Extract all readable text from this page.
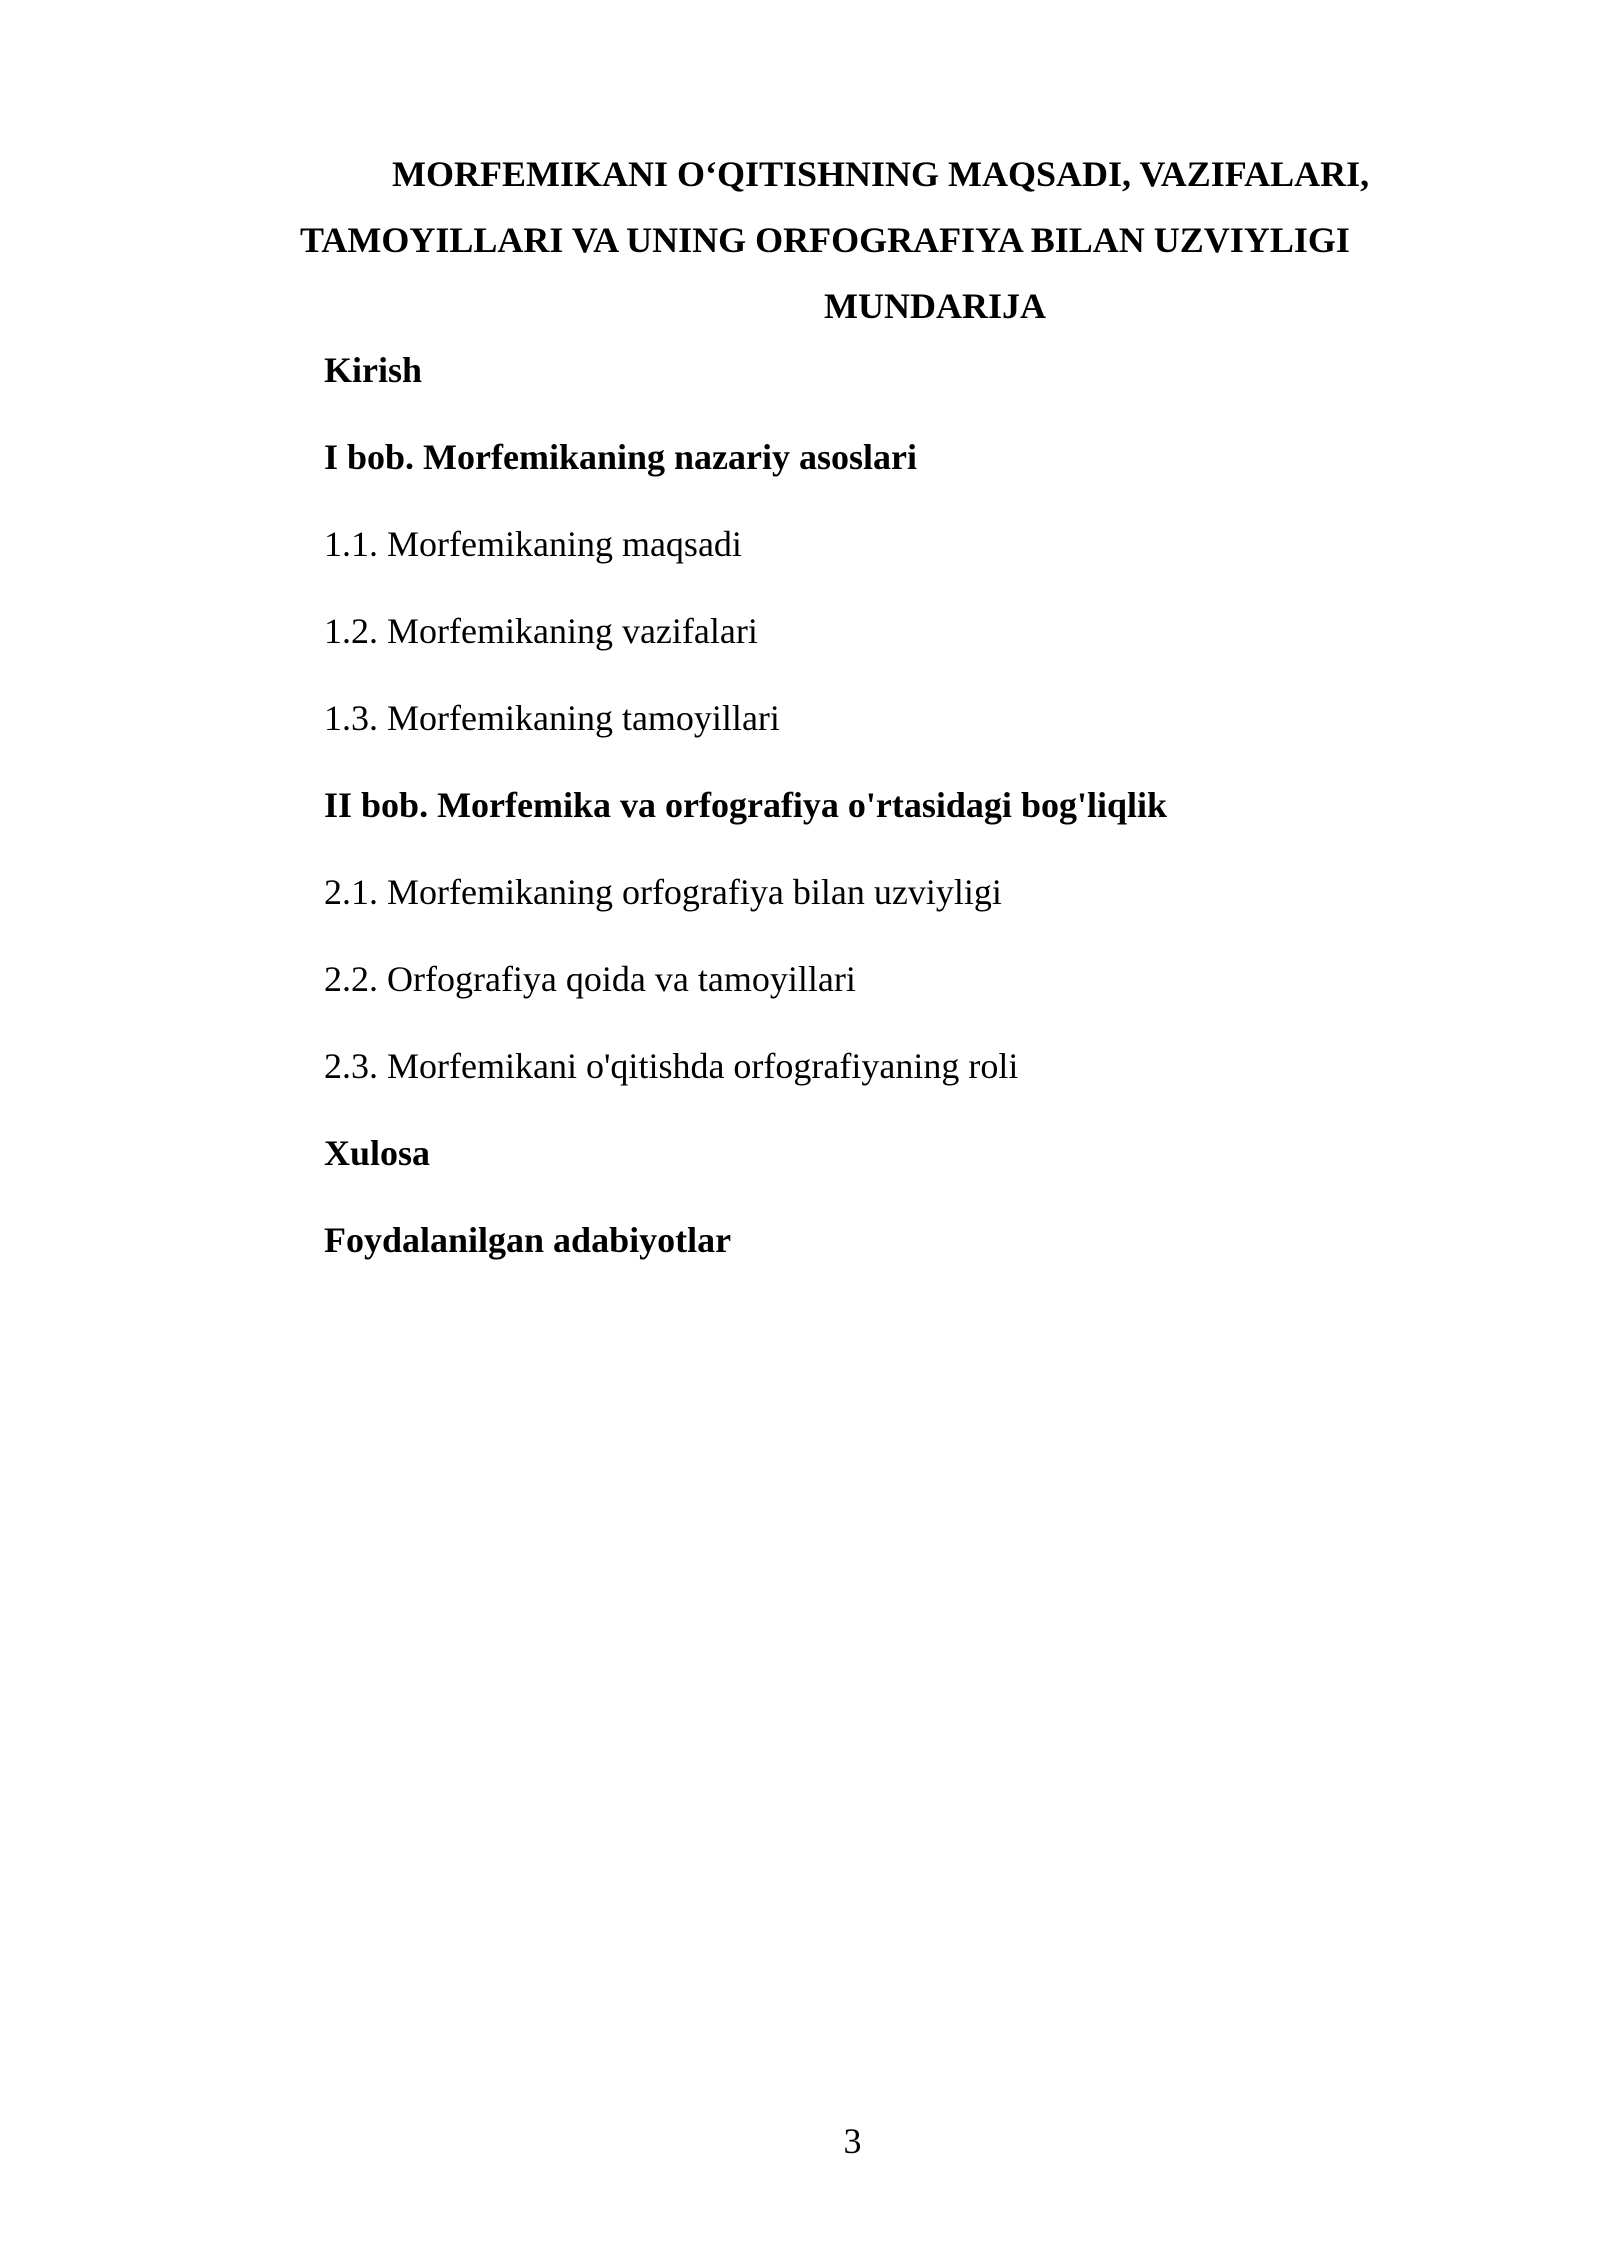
MORFEMIKANI O‘QITISHNING MAQSADI, VAZIFALARI,
TAMOYILLARI VA UNING ORFOGRAFIYA BILAN UZVIYLIGI
MUNDARIJA
Kirish
I bob. Morfemikaning nazariy asoslari
1.1. Morfemikaning maqsadi
1.2. Morfemikaning vazifalari
1.3. Morfemikaning tamoyillari
II bob. Morfemika va orfografiya o'rtasidagi bog'liqlik
2.1. Morfemikaning orfografiya bilan uzviyligi
2.2. Orfografiya qoida va tamoyillari
2.3. Morfemikani o'qitishda orfografiyaning roli
Xulosa
Foydalanilgan adabiyotlar
3
